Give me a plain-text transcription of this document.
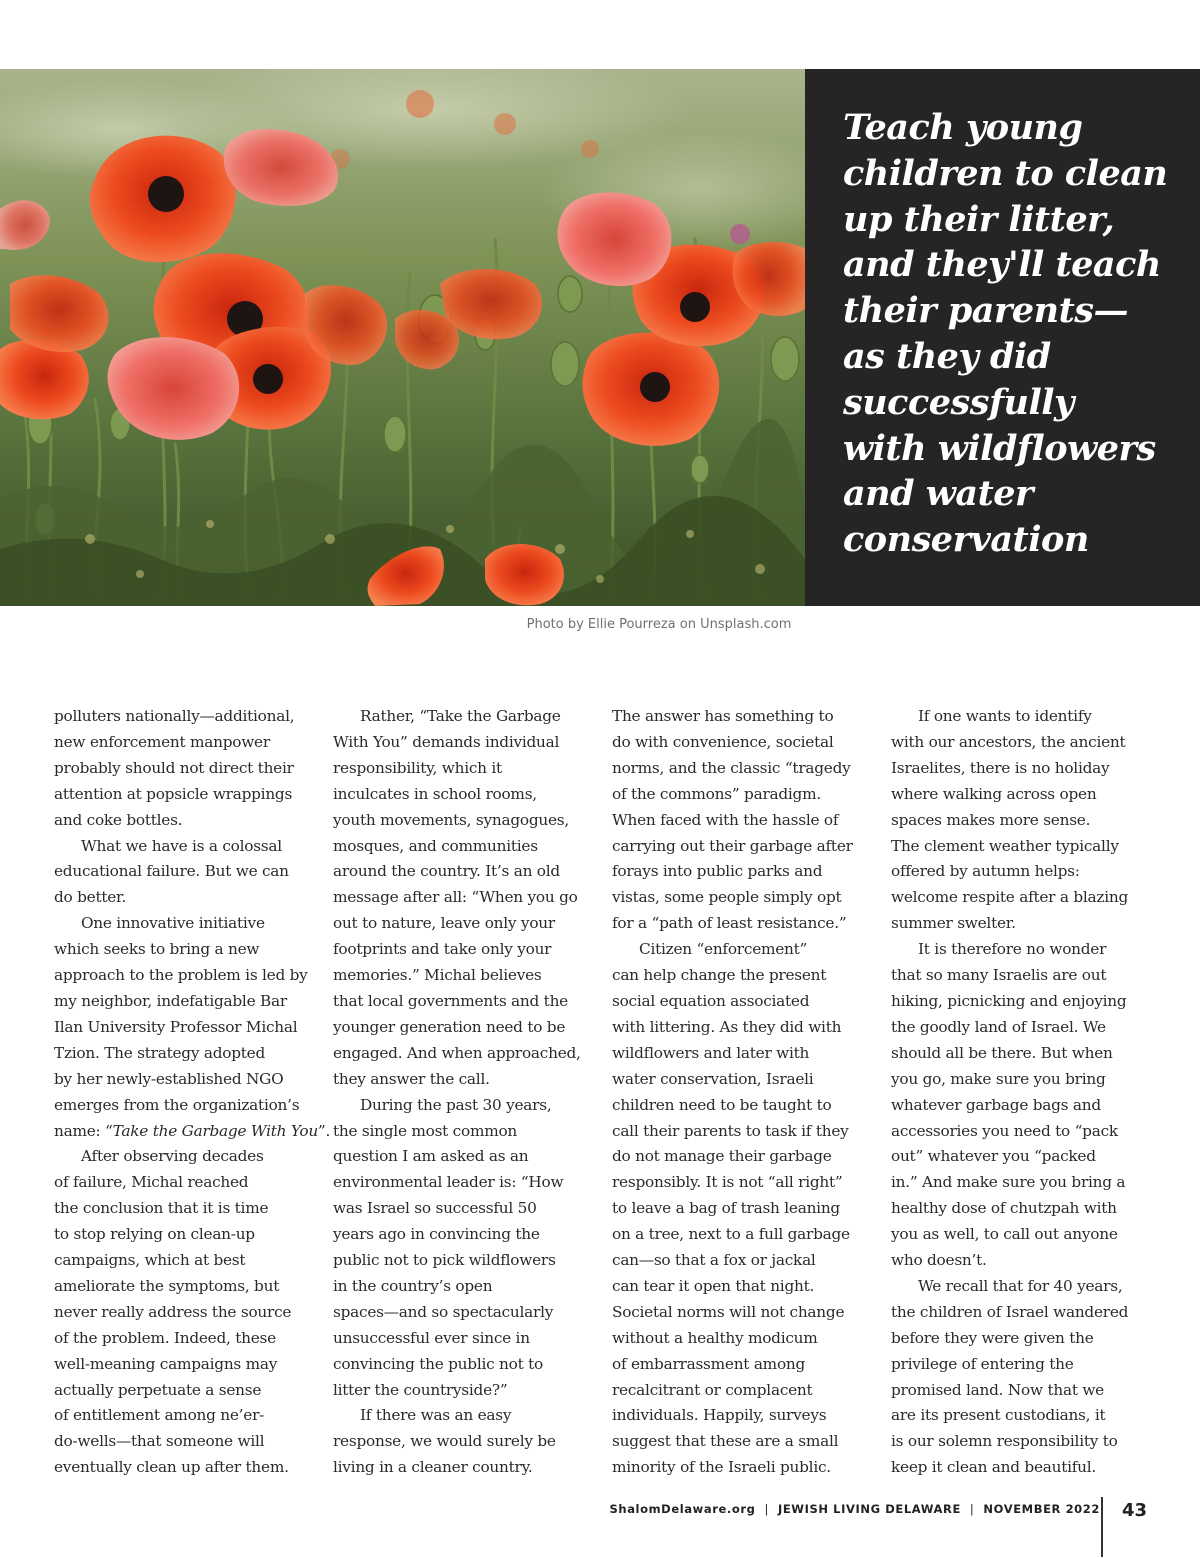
Teach young
children to clean
up their litter,
and they'll teach
their parents—
as they did
successfully
with wildflowers
and water
conservation

Photo by Ellie Pourreza on Unsplash.com

polluters nationally—additional,
new enforcement manpower
probably should not direct their
attention at popsicle wrappings
and coke bottles.

What we have is a colossal
educational failure. But we can
do better.

One innovative initiative
which seeks to bring a new
approach to the problem is led by
my neighbor, indefatigable Bar
Ilan University Professor Michal
Tzion. The strategy adopted
by her newly-established NGO
emerges from the organization’s
name: “Take the Garbage With You”.

After observing decades
of failure, Michal reached
the conclusion that it is time
to stop relying on clean-up
campaigns, which at best
ameliorate the symptoms, but
never really address the source
of the problem. Indeed, these
well-meaning campaigns may
actually perpetuate a sense
of entitlement among ne’er-
do-wells—that someone will
eventually clean up after them.

Rather, “Take the Garbage
With You” demands individual
responsibility, which it
inculcates in school rooms,
youth movements, synagogues,
mosques, and communities
around the country. It’s an old
message after all: “When you go
out to nature, leave only your
footprints and take only your
memories.” Michal believes
that local governments and the
younger generation need to be
engaged. And when approached,
they answer the call.

During the past 30 years,
the single most common
question I am asked as an
environmental leader is: “How
was Israel so successful 50
years ago in convincing the
public not to pick wildflowers
in the country’s open
spaces—and so spectacularly
unsuccessful ever since in
convincing the public not to
litter the countryside?”

If there was an easy
response, we would surely be
living in a cleaner country.

The answer has something to
do with convenience, societal
norms, and the classic “tragedy
of the commons” paradigm.
When faced with the hassle of
carrying out their garbage after
forays into public parks and
vistas, some people simply opt
for a “path of least resistance.”

Citizen “enforcement”
can help change the present
social equation associated
with littering. As they did with
wildflowers and later with
water conservation, Israeli
children need to be taught to
call their parents to task if they
do not manage their garbage
responsibly. It is not “all right”
to leave a bag of trash leaning
on a tree, next to a full garbage
can—so that a fox or jackal
can tear it open that night.
Societal norms will not change
without a healthy modicum
of embarrassment among
recalcitrant or complacent
individuals. Happily, surveys
suggest that these are a small
minority of the Israeli public.

If one wants to identify
with our ancestors, the ancient
Israelites, there is no holiday
where walking across open
spaces makes more sense.
The clement weather typically
offered by autumn helps:
welcome respite after a blazing
summer swelter.

It is therefore no wonder
that so many Israelis are out
hiking, picnicking and enjoying
the goodly land of Israel. We
should all be there. But when
you go, make sure you bring
whatever garbage bags and
accessories you need to “pack
out” whatever you “packed
in.” And make sure you bring a
healthy dose of chutzpah with
you as well, to call out anyone
who doesn’t.

We recall that for 40 years,
the children of Israel wandered
before they were given the
privilege of entering the
promised land. Now that we
are its present custodians, it
is our solemn responsibility to
keep it clean and beautiful.

ShalomDelaware.org | JEWISH LIVING DELAWARE | NOVEMBER 2022 43
